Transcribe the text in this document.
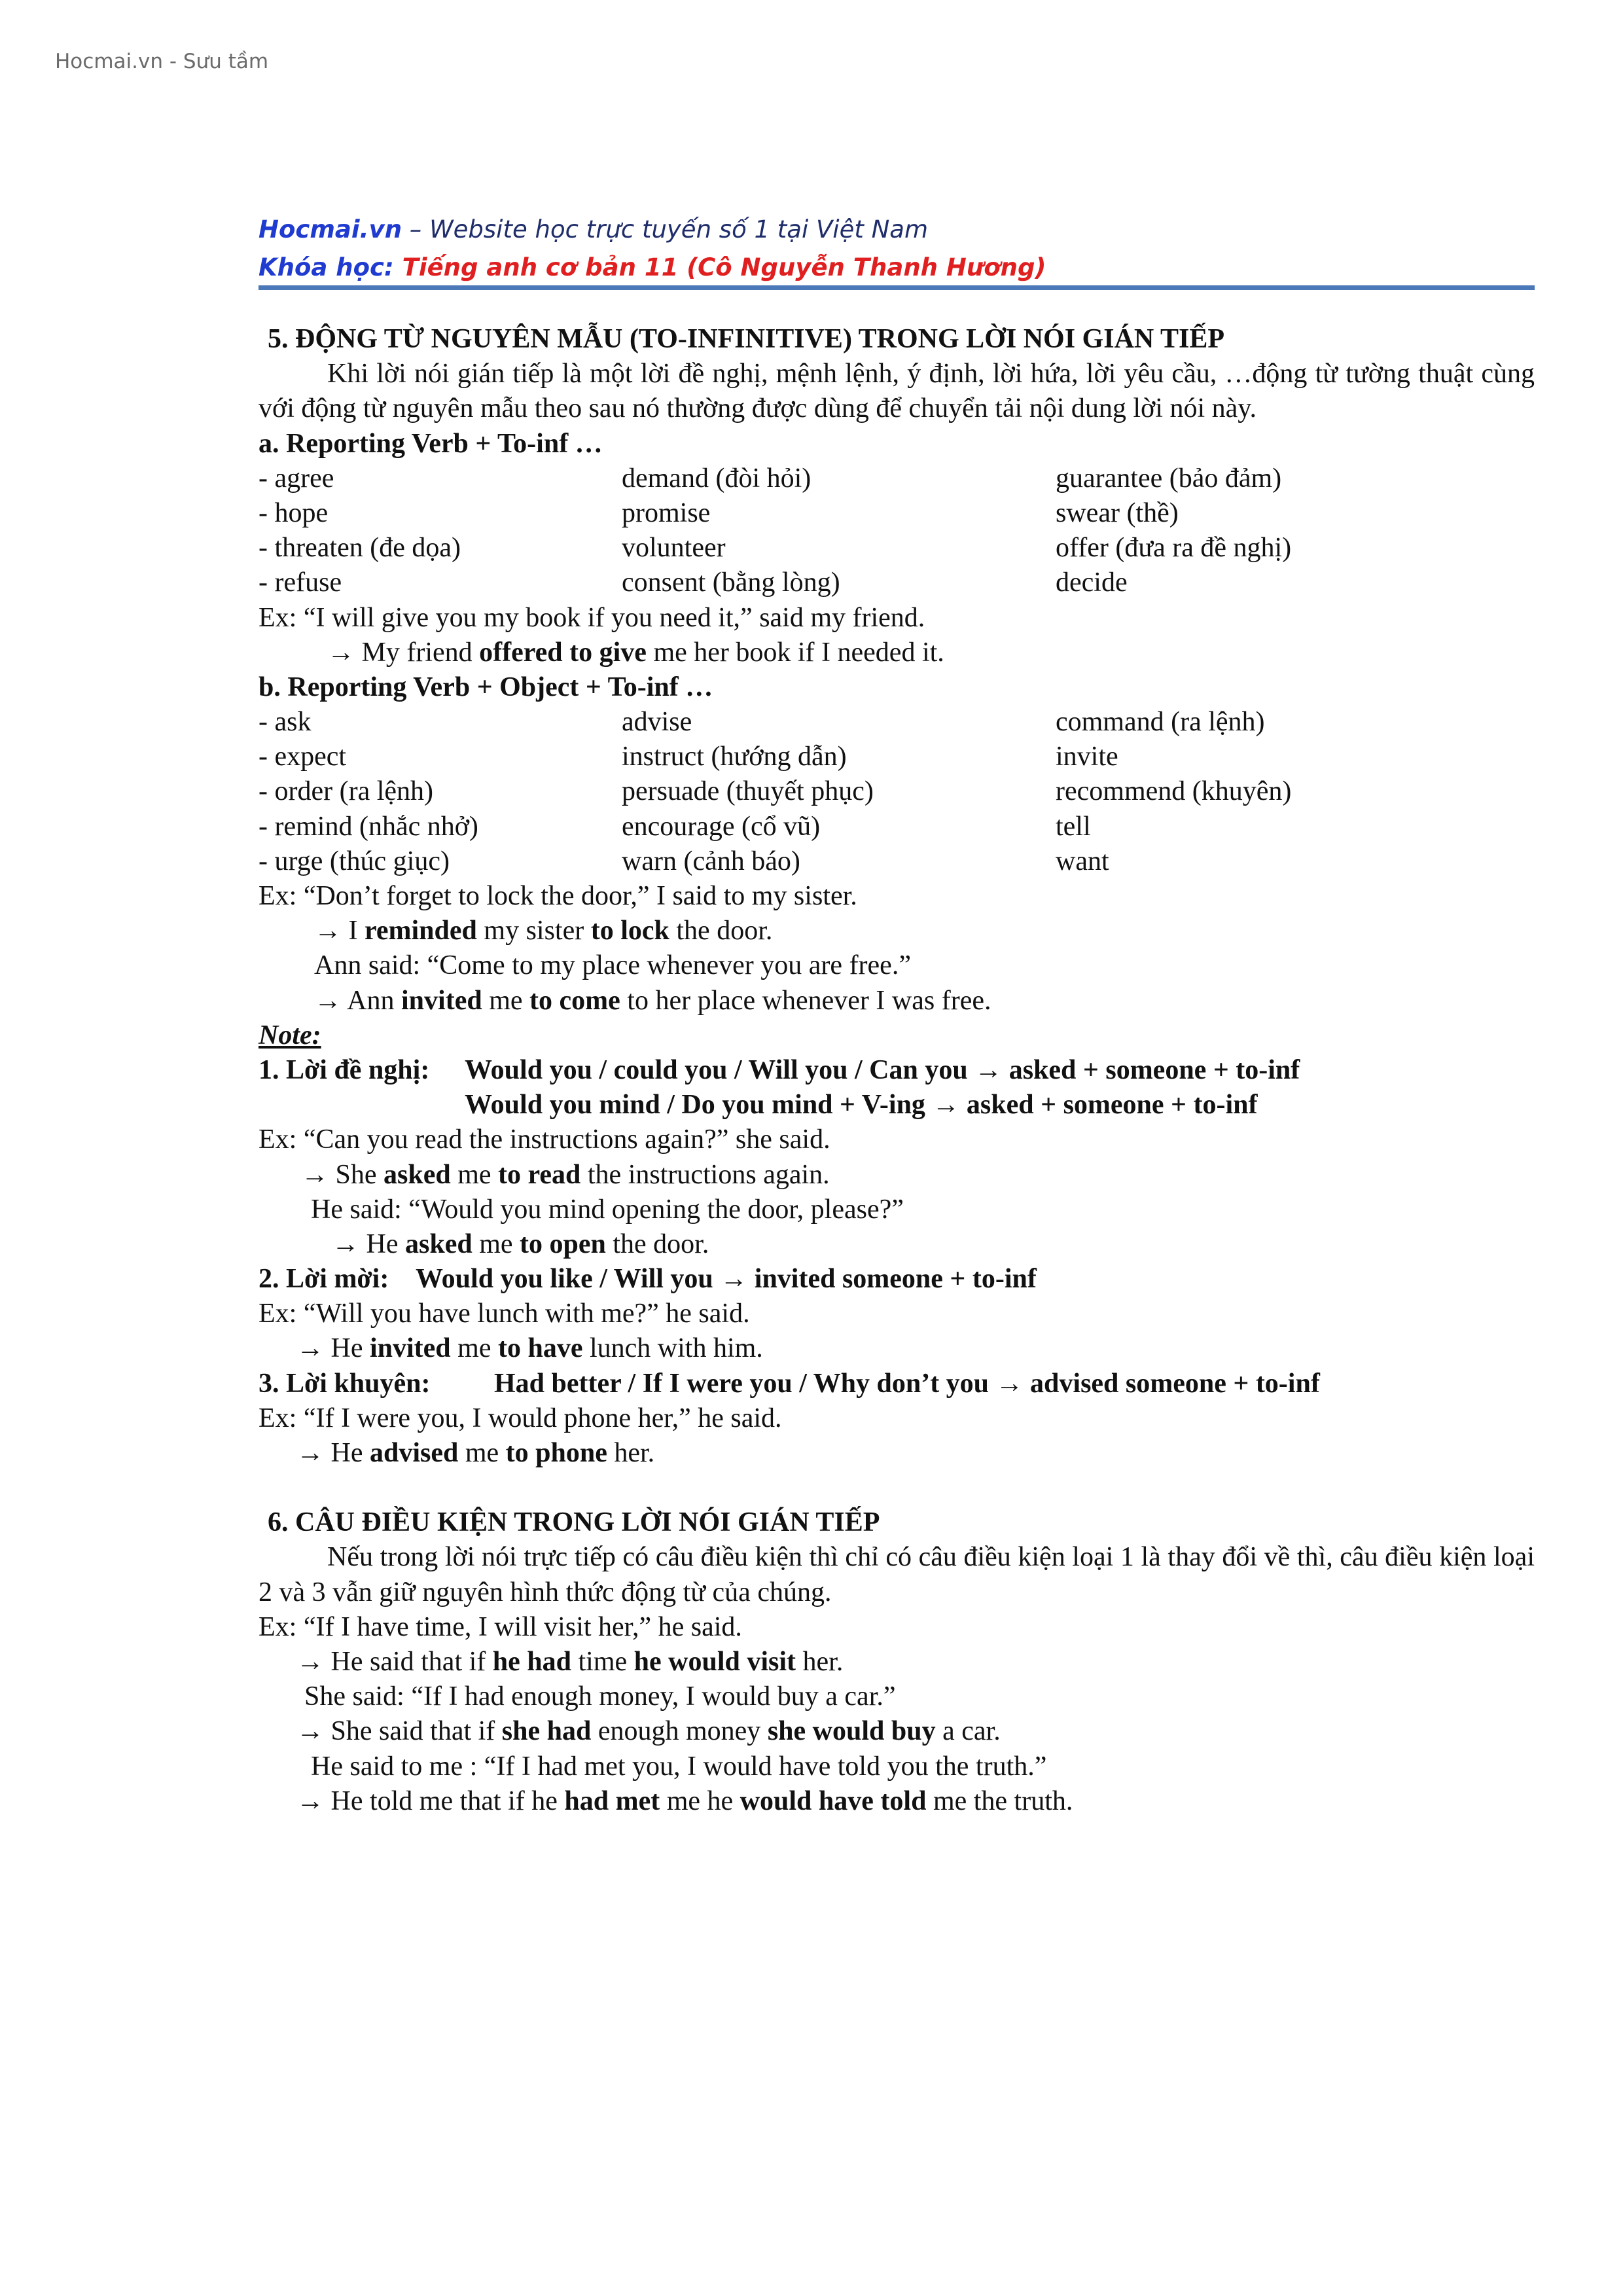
Hocmai.vn - Sưu tầm
Hocmai.vn – Website học trực tuyến số 1 tại Việt Nam
Khóa học: Tiếng anh cơ bản 11 (Cô Nguyễn Thanh Hương)
5. ĐỘNG TỪ NGUYÊN MẪU (TO-INFINITIVE) TRONG LỜI NÓI GIÁN TIẾP
Khi lời nói gián tiếp là một lời đề nghị, mệnh lệnh, ý định, lời hứa, lời yêu cầu, …động từ tường thuật cùng với động từ nguyên mẫu theo sau nó thường được dùng để chuyển tải nội dung lời nói này.
a. Reporting Verb + To-inf …
- agree	demand (đòi hỏi)	guarantee (bảo đảm)
- hope	promise	swear (thề)
- threaten (đe dọa)	volunteer	offer (đưa ra đề nghị)
- refuse	consent (bằng lòng)	decide
Ex: “I will give you my book if you need it,” said my friend.
→ My friend offered to give me her book if I needed it.
b. Reporting Verb + Object + To-inf …
- ask	advise	command (ra lệnh)
- expect	instruct (hướng dẫn)	invite
- order (ra lệnh)	persuade (thuyết phục)	recommend (khuyên)
- remind (nhắc nhở)	encourage (cổ vũ)	tell
- urge (thúc giục)	warn (cảnh báo)	want
Ex: “Don’t forget to lock the door,” I said to my sister.
→ I reminded my sister to lock the door.
Ann said: “Come to my place whenever you are free.”
→ Ann invited me to come to her place whenever I was free.
Note:
1. Lời đề nghị:	Would you / could you / Will you / Can you → asked + someone + to-inf
Would you mind / Do you mind + V-ing → asked + someone + to-inf
Ex: “Can you read the instructions again?” she said.
→ She asked me to read the instructions again.
He said: “Would you mind opening the door, please?”
→ He asked me to open the door.
2. Lời mời: Would you like / Will you → invited someone + to-inf
Ex: “Will you have lunch with me?” he said.
→ He invited me to have lunch with him.
3. Lời khuyên:	Had better / If I were you / Why don’t you → advised someone + to-inf
Ex: “If I were you, I would phone her,” he said.
→ He advised me to phone her.
6. CÂU ĐIỀU KIỆN TRONG LỜI NÓI GIÁN TIẾP
Nếu trong lời nói trực tiếp có câu điều kiện thì chỉ có câu điều kiện loại 1 là thay đổi về thì, câu điều kiện loại 2 và 3 vẫn giữ nguyên hình thức động từ của chúng.
Ex: “If I have time, I will visit her,” he said.
→ He said that if he had time he would visit her.
She said: “If I had enough money, I would buy a car.”
→ She said that if she had enough money she would buy a car.
He said to me : “If I had met you, I would have told you the truth.”
→ He told me that if he had met me he would have told me the truth.
